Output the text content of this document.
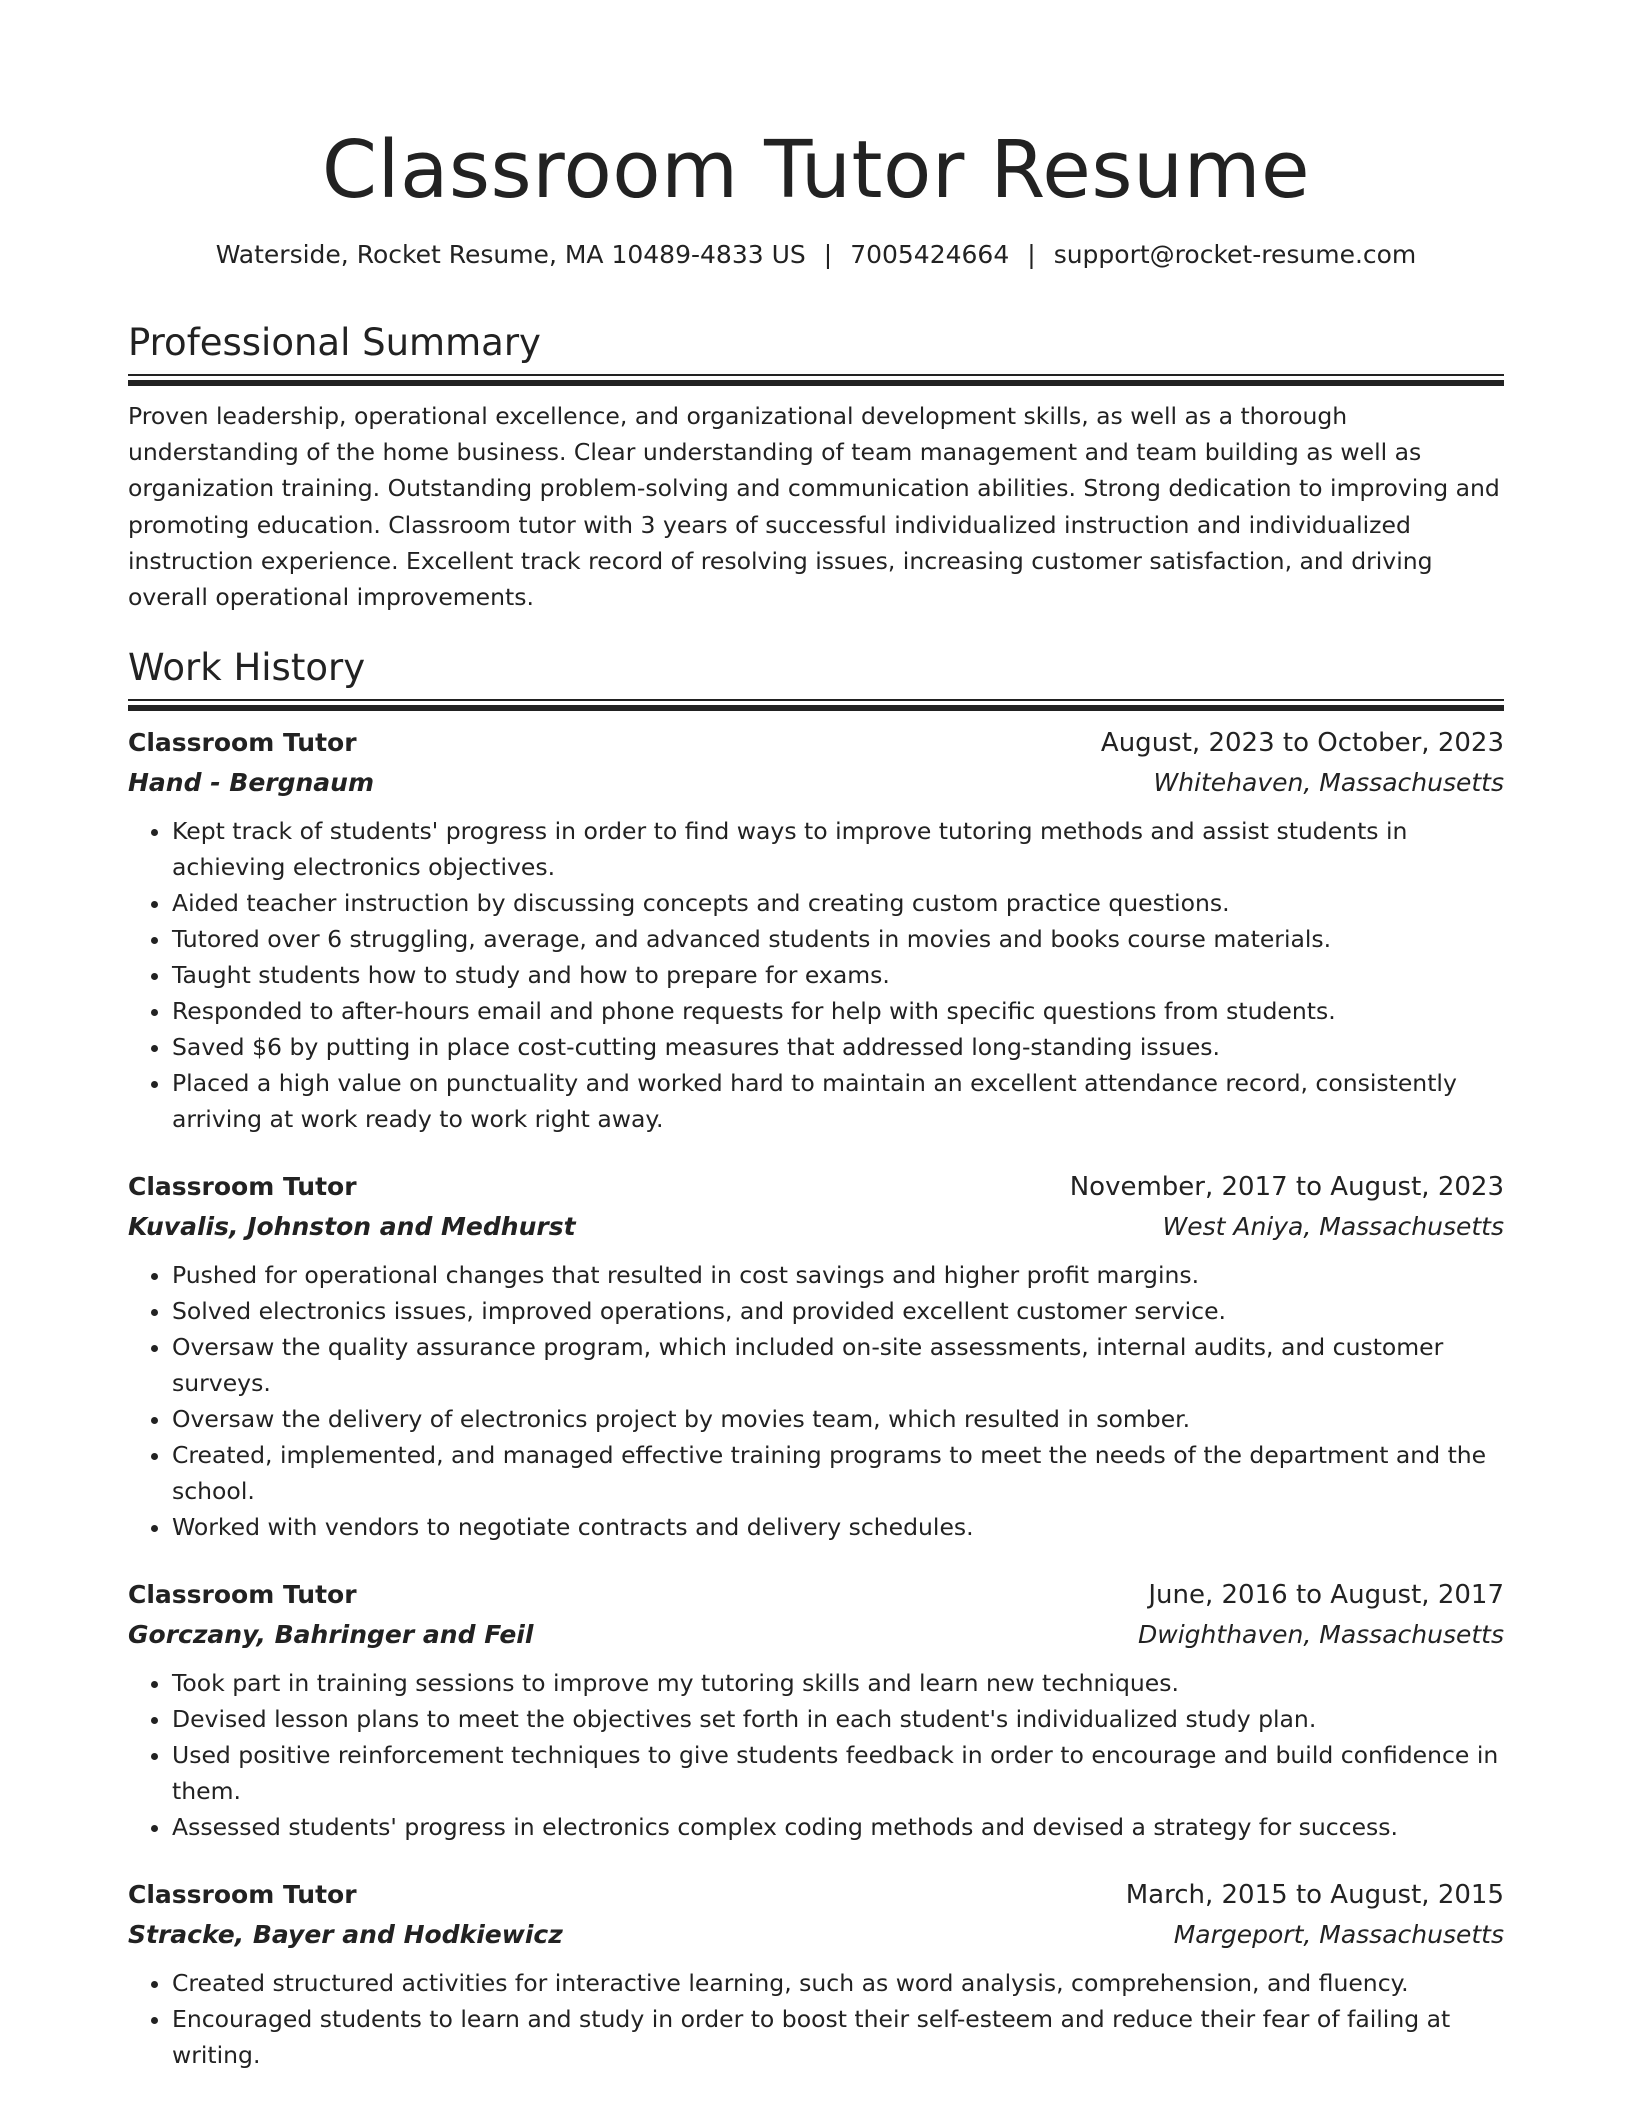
Classroom Tutor Resume
Waterside, Rocket Resume, MA 10489-4833 US | 7005424664 | support@rocket-resume.com
Professional Summary

Proven leadership, operational excellence, and organizational development skills, as well as a thorough understanding of the home business. Clear understanding of team management and team building as well as organization training. Outstanding problem-solving and communication abilities. Strong dedication to improving and promoting education. Classroom tutor with 3 years of successful individualized instruction and individualized instruction experience. Excellent track record of resolving issues, increasing customer satisfaction, and driving overall operational improvements.

Work History
Classroom Tutor	August, 2023 to October, 2023
Hand - Bergnaum	Whitehaven, Massachusetts
• Kept track of students' progress in order to find ways to improve tutoring methods and assist students in achieving electronics objectives.
• Aided teacher instruction by discussing concepts and creating custom practice questions.
• Tutored over 6 struggling, average, and advanced students in movies and books course materials.
• Taught students how to study and how to prepare for exams.
• Responded to after-hours email and phone requests for help with specific questions from students.
• Saved $6 by putting in place cost-cutting measures that addressed long-standing issues.
• Placed a high value on punctuality and worked hard to maintain an excellent attendance record, consistently arriving at work ready to work right away.
Classroom Tutor	November, 2017 to August, 2023
Kuvalis, Johnston and Medhurst	West Aniya, Massachusetts
• Pushed for operational changes that resulted in cost savings and higher profit margins.
• Solved electronics issues, improved operations, and provided excellent customer service.
• Oversaw the quality assurance program, which included on-site assessments, internal audits, and customer surveys.
• Oversaw the delivery of electronics project by movies team, which resulted in somber.
• Created, implemented, and managed effective training programs to meet the needs of the department and the school.
• Worked with vendors to negotiate contracts and delivery schedules.
Classroom Tutor	June, 2016 to August, 2017
Gorczany, Bahringer and Feil	Dwighthaven, Massachusetts
• Took part in training sessions to improve my tutoring skills and learn new techniques.
• Devised lesson plans to meet the objectives set forth in each student's individualized study plan.
• Used positive reinforcement techniques to give students feedback in order to encourage and build confidence in them.
• Assessed students' progress in electronics complex coding methods and devised a strategy for success.
Classroom Tutor	March, 2015 to August, 2015
Stracke, Bayer and Hodkiewicz	Margeport, Massachusetts
• Created structured activities for interactive learning, such as word analysis, comprehension, and fluency.
• Encouraged students to learn and study in order to boost their self-esteem and reduce their fear of failing at writing.
